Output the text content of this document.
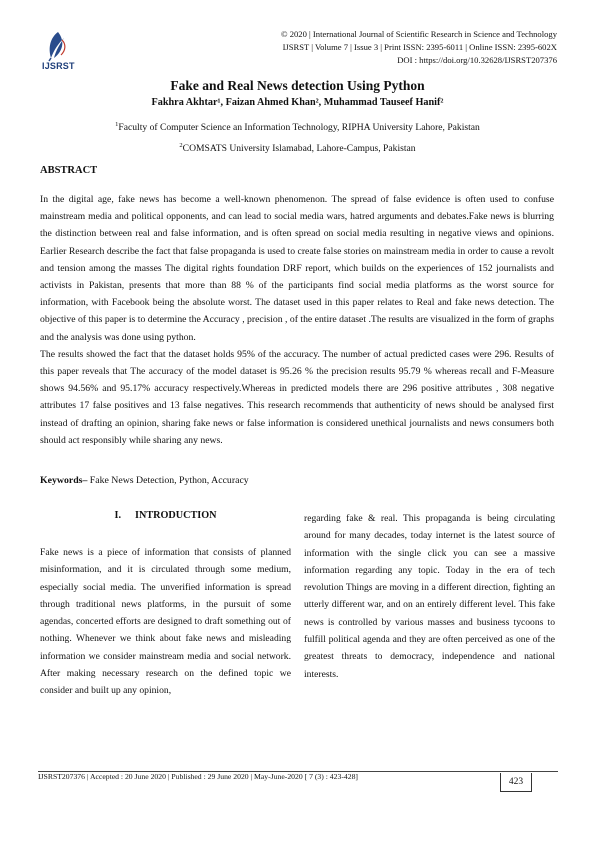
IJSRST
© 2020 | International Journal of Scientific Research in Science and Technology
IJSRST | Volume 7 | Issue 3 | Print ISSN: 2395-6011 | Online ISSN: 2395-602X
DOI : https://doi.org/10.32628/IJSRST207376
Fake and Real News detection Using Python
Fakhra Akhtar¹, Faizan Ahmed Khan², Muhammad Tauseef Hanif²
$^1$Faculty of Computer Science an Information Technology, RIPHA University Lahore, Pakistan
$^2$COMSATS University Islamabad, Lahore-Campus, Pakistan
ABSTRACT

In the digital age, fake news has become a well-known phenomenon. The spread of false evidence is often used to confuse mainstream media and political opponents, and can lead to social media wars, hatred arguments and debates.Fake news is blurring the distinction between real and false information, and is often spread on social media resulting in negative views and opinions. Earlier Research describe the fact that false propaganda is used to create false stories on mainstream media in order to cause a revolt and tension among the masses The digital rights foundation DRF report, which builds on the experiences of 152 journalists and activists in Pakistan, presents that more than 88 % of the participants find social media platforms as the worst source for information, with Facebook being the absolute worst. The dataset used in this paper relates to Real and fake news detection. The objective of this paper is to determine the Accuracy , precision , of the entire dataset .The results are visualized in the form of graphs and the analysis was done using python.

The results showed the fact that the dataset holds 95% of the accuracy. The number of actual predicted cases were 296. Results of this paper reveals that The accuracy of the model dataset is 95.26 % the precision results 95.79 % whereas recall and F-Measure shows 94.56% and 95.17% accuracy respectively.Whereas in predicted models there are 296 positive attributes , 308 negative attributes 17 false positives and 13 false negatives. This research recommends that authenticity of news should be analysed first instead of drafting an opinion, sharing fake news or false information is considered unethical journalists and news consumers both should act responsibly while sharing any news.

Keywords– Fake News Detection, Python, Accuracy
I. INTRODUCTION
Fake news is a piece of information that consists of planned misinformation, and it is circulated through some medium, especially social media. The unverified information is spread through traditional news platforms, in the pursuit of some agendas, concerted efforts are designed to draft something out of nothing. Whenever we think about fake news and misleading information we consider mainstream media and social network. After making necessary research on the defined topic we consider and built up any opinion,
regarding fake & real. This propaganda is being circulating around for many decades, today internet is the latest source of information with the single click you can see a massive information regarding any topic. Today in the era of tech revolution Things are moving in a different direction, fighting an utterly different war, and on an entirely different level. This fake news is controlled by various masses and business tycoons to fulfill political agenda and they are often perceived as one of the greatest threats to democracy, independence and national interests.
IJSRST207376 | Accepted : 20 June 2020 | Published : 29 June 2020 | May-June-2020 [ 7 (3) : 423-428]
423
